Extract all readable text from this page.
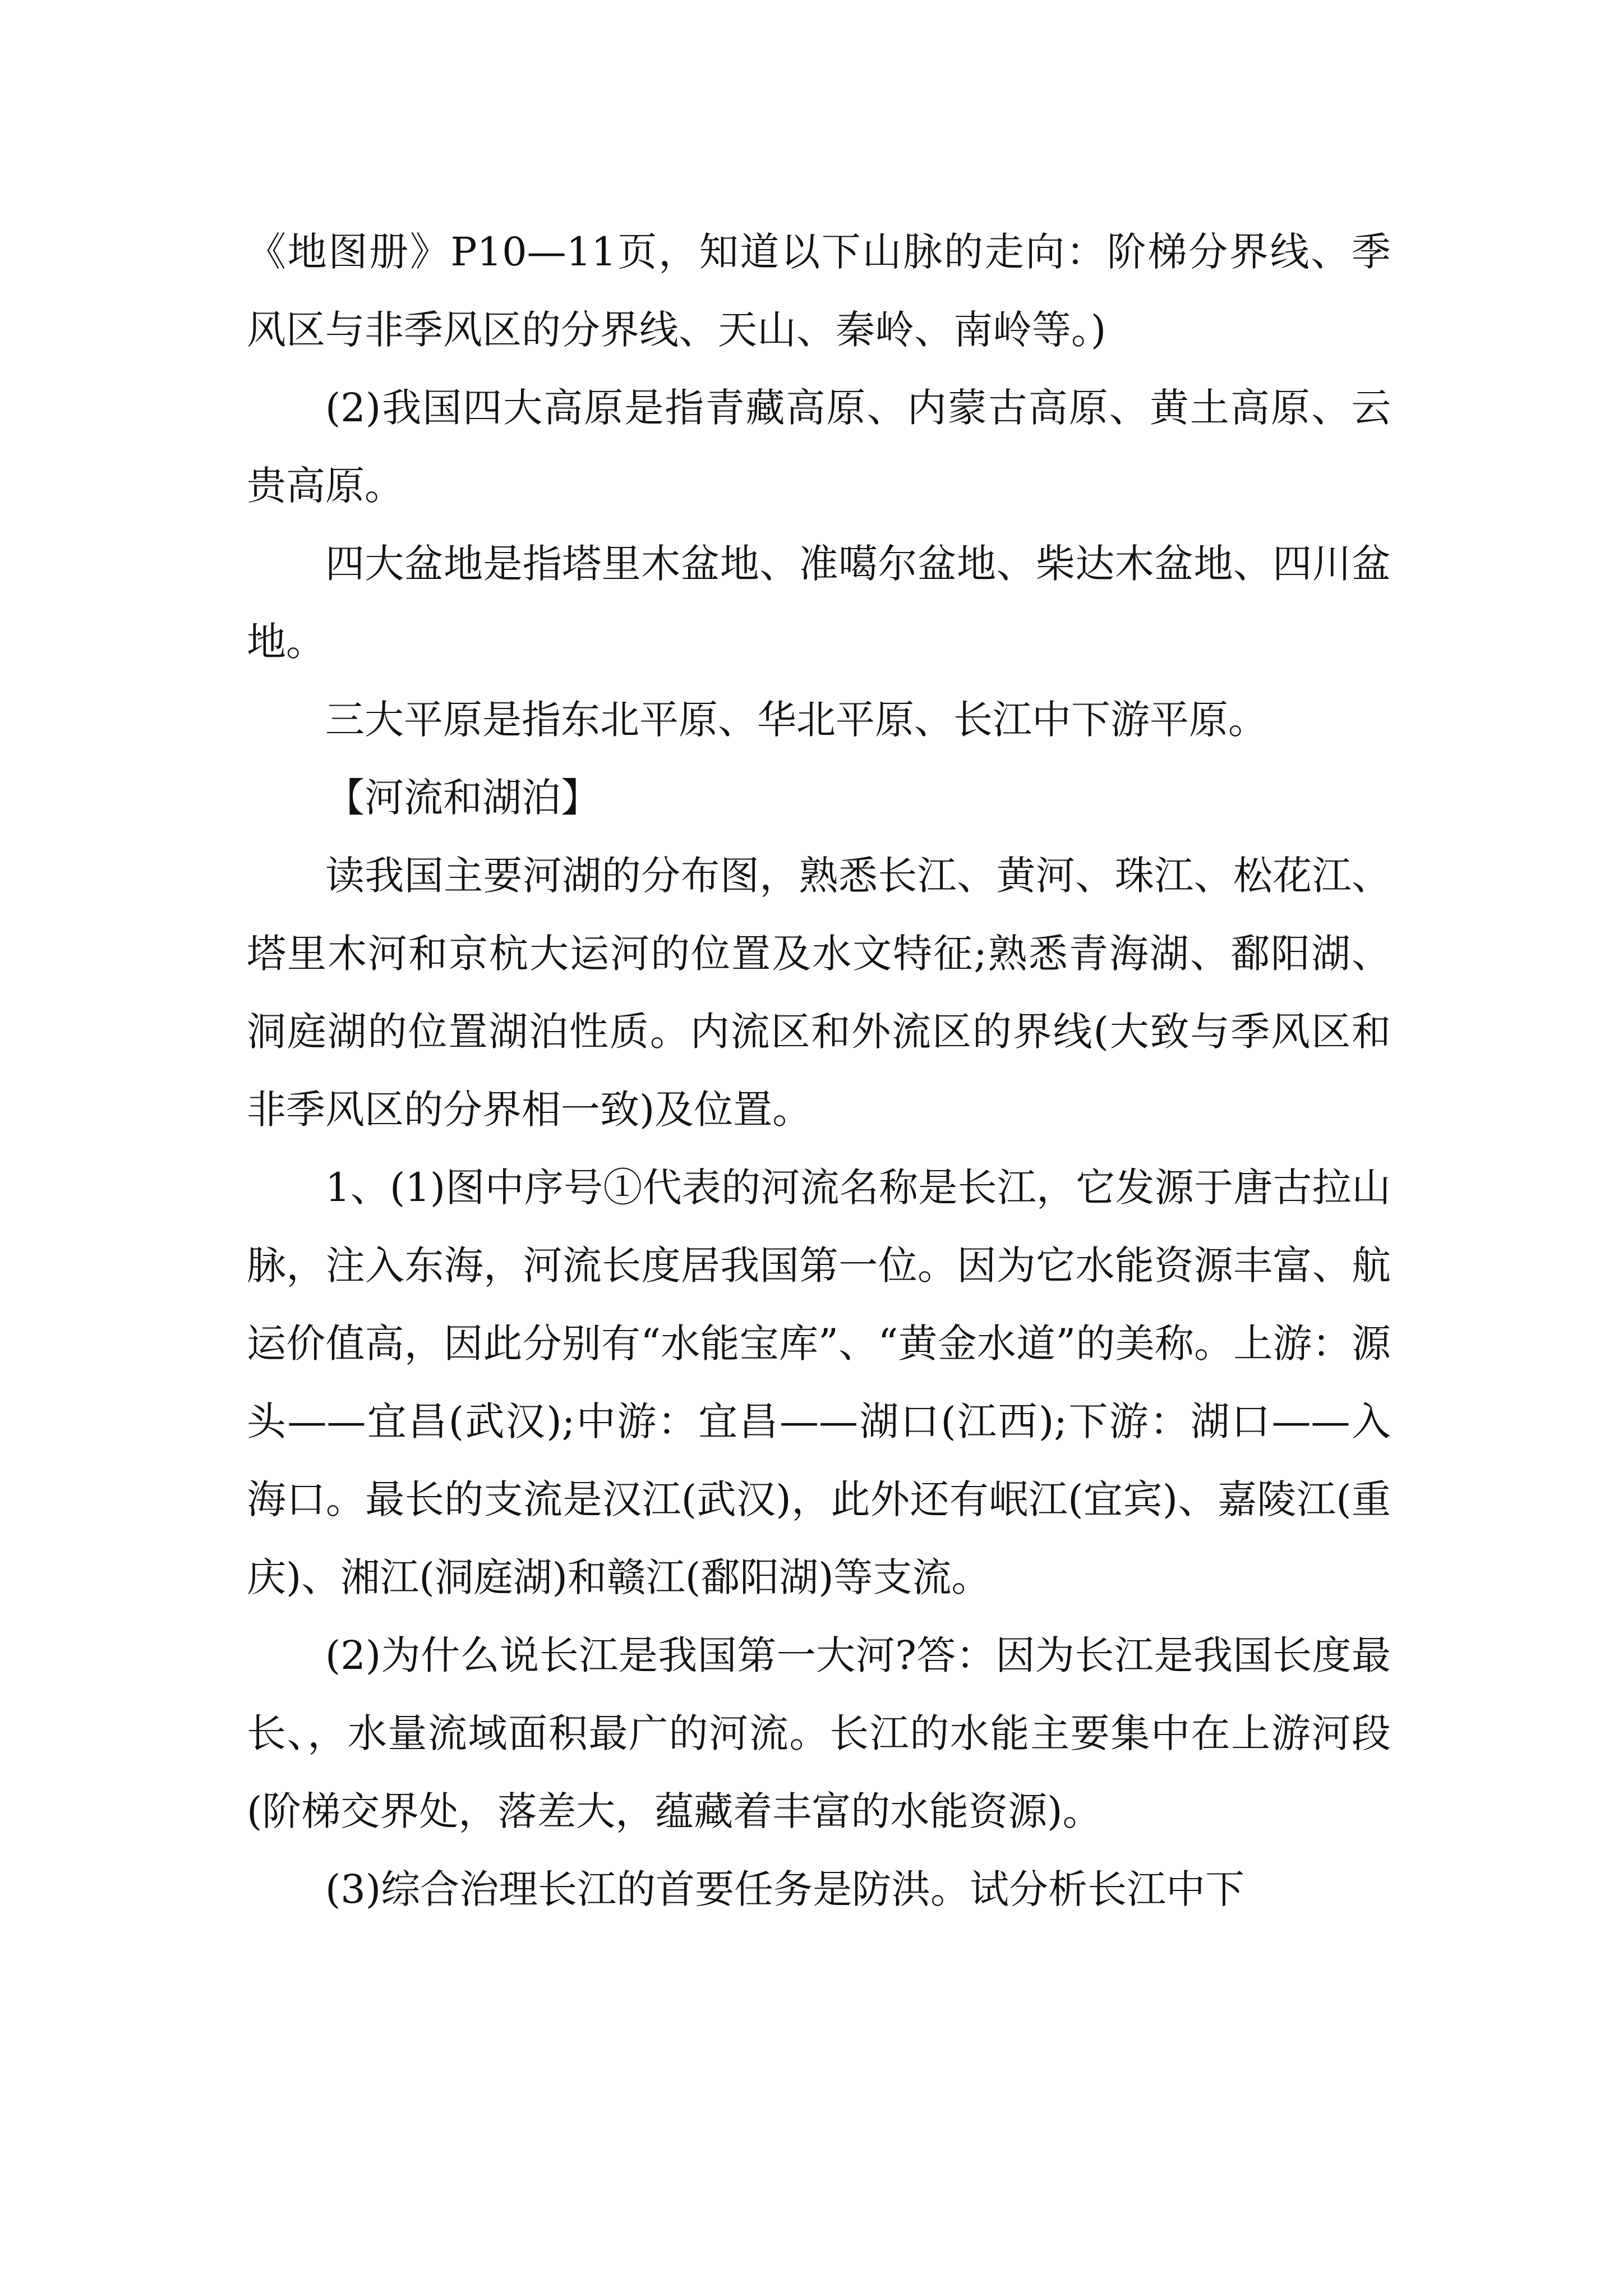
《地图册》P10—11页，知道以下山脉的走向：阶梯分界线、季风区与非季风区的分界线、天山、秦岭、南岭等。)

(2)我国四大高原是指青藏高原、内蒙古高原、黄土高原、云贵高原。

四大盆地是指塔里木盆地、准噶尔盆地、柴达木盆地、四川盆地。

三大平原是指东北平原、华北平原、长江中下游平原。

【河流和湖泊】

读我国主要河湖的分布图，熟悉长江、黄河、珠江、松花江、塔里木河和京杭大运河的位置及水文特征;熟悉青海湖、鄱阳湖、洞庭湖的位置湖泊性质。内流区和外流区的界线(大致与季风区和非季风区的分界相一致)及位置。

1、(1)图中序号①代表的河流名称是长江，它发源于唐古拉山脉，注入东海，河流长度居我国第一位。因为它水能资源丰富、航运价值高，因此分别有“水能宝库”、“黄金水道”的美称。上游：源头——宜昌(武汉);中游：宜昌——湖口(江西);下游：湖口——入海口。最长的支流是汉江(武汉)，此外还有岷江(宜宾)、嘉陵江(重庆)、湘江(洞庭湖)和赣江(鄱阳湖)等支流。

(2)为什么说长江是我国第一大河?答：因为长江是我国长度最长、，水量流域面积最广的河流。长江的水能主要集中在上游河段(阶梯交界处，落差大，蕴藏着丰富的水能资源)。

(3)综合治理长江的首要任务是防洪。试分析长江中下
